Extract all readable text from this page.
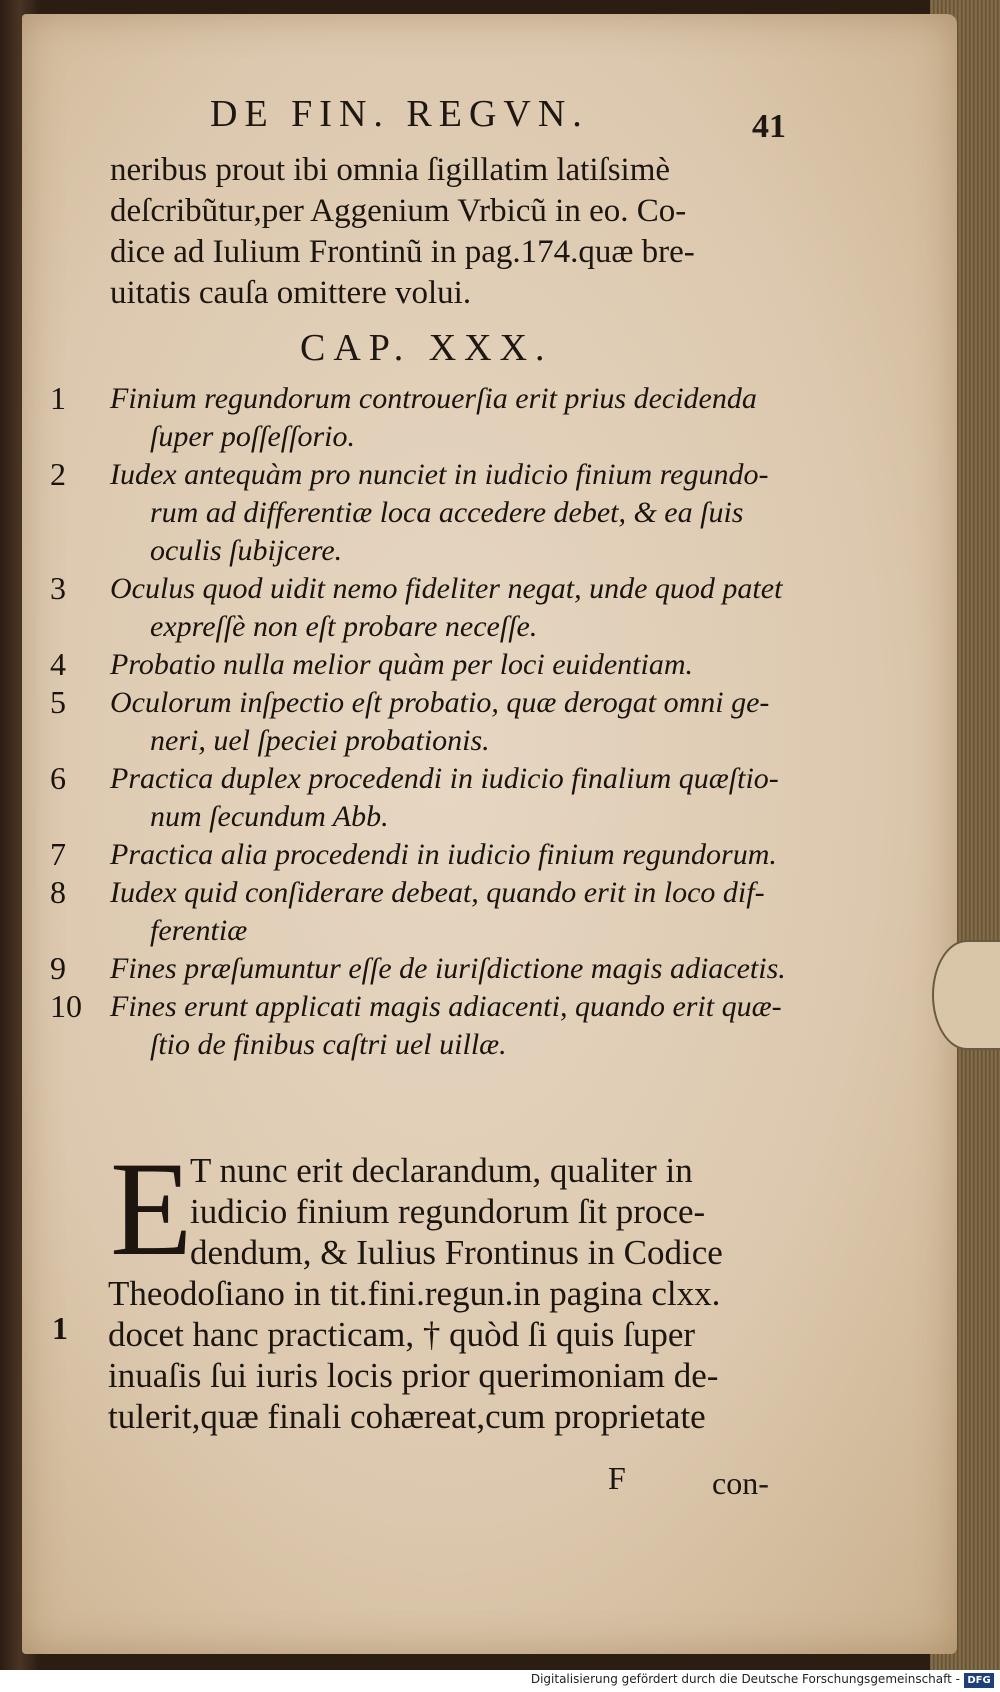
DE FIN. REGVN.	41
neribus prout ibi omnia ſigillatim latiſsimè
deſcribũtur,per Aggenium Vrbicũ in eo. Co-
dice ad Iulium Frontinũ in pag.174.quæ bre-
uitatis cauſa omittere volui.
CAP. XXX.
1	Finium regundorum controuerſia erit prius decidenda
ſuper poſſeſſorio.
2	Iudex antequàm pro nunciet in iudicio finium regundo-
rum ad differentiæ loca accedere debet, & ea ſuis
oculis ſubijcere.
3	Oculus quod uidit nemo fideliter negat, unde quod patet
expreſſè non eſt probare neceſſe.
4	Probatio nulla melior quàm per loci euidentiam.
5	Oculorum inſpectio eſt probatio, quæ derogat omni ge-
neri, uel ſpeciei probationis.
6	Practica duplex procedendi in iudicio finalium quæſtio-
num ſecundum Abb.
7	Practica alia procedendi in iudicio finium regundorum.
8	Iudex quid conſiderare debeat, quando erit in loco dif-
ferentiæ
9	Fines præſumuntur eſſe de iuriſdictione magis adiacetis.
10 Fines erunt applicati magis adiacenti, quando erit quæ-
ſtio de finibus caſtri uel uillæ.
E
T nunc erit declarandum, qualiter in
iudicio finium regundorum ſit proce-
dendum, & Iulius Frontinus in Codice
Theodoſiano in tit.fini.regun.in pagina clxx.
docet hanc practicam, † quòd ſi quis ſuper
inuaſis ſui iuris locis prior querimoniam de-
tulerit,quæ finali cohæreat,cum proprietate
1
F	con-
Digitalisierung gefördert durch die Deutsche Forschungsgemeinschaft - DFG
